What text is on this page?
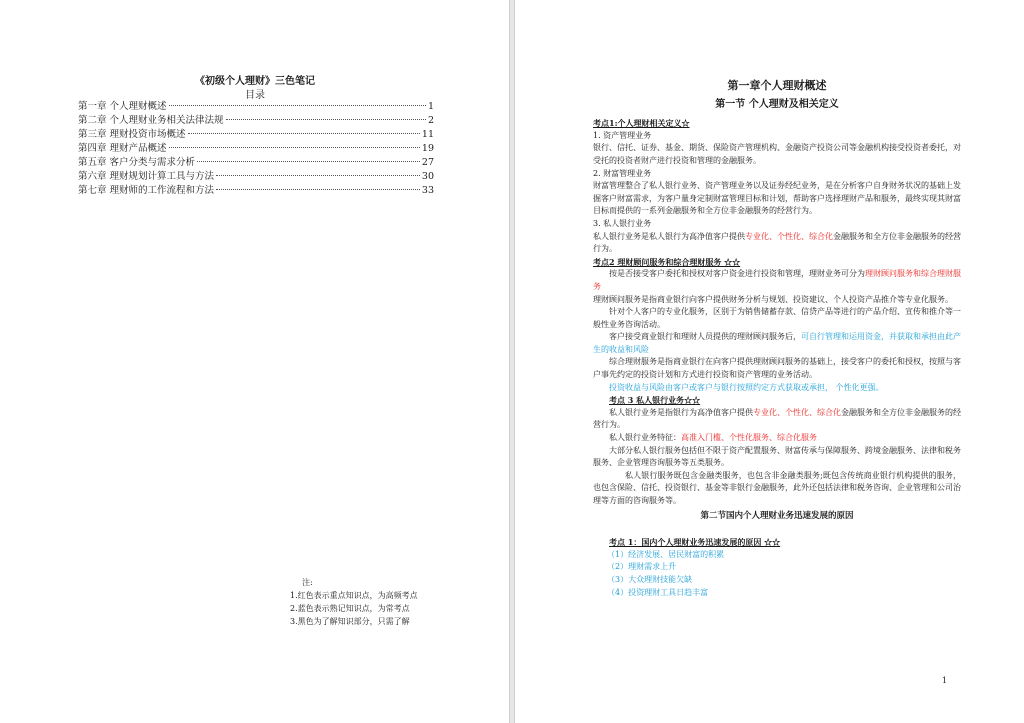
《初级个人理财》三色笔记
目录
第一章 个人理财概述	1
第二章 个人理财业务相关法律法规	2
第三章 理财投资市场概述	11
第四章 理财产品概述	19
第五章 客户分类与需求分析	27
第六章 理财规划计算工具与方法	30
第七章 理财师的工作流程和方法	33
注:
1.红色表示重点知识点，为高频考点
2.蓝色表示熟记知识点，为常考点
3.黑色为了解知识部分，只需了解
第一章个人理财概述
第一节 个人理财及相关定义

考点1:个人理财相关定义☆

1. 资产管理业务

银行、信托、证券、基金、期货、保险资产管理机构、金融资产投资公司等金融机构接受投资者委托，对受托的投资者财产进行投资和管理的金融服务。

2. 财富管理业务

财富管理整合了私人银行业务、资产管理业务以及证券经纪业务，是在分析客户自身财务状况的基础上发掘客户财富需求，为客户量身定制财富管理目标和计划，帮助客户选择理财产品和服务，最终实现其财富目标而提供的一系列金融服务和全方位非金融服务的经营行为。

3. 私人银行业务

私人银行业务是私人银行为高净值客户提供专业化、个性化、综合化金融服务和全方位非金融服务的经营行为。

考点2 理财顾问服务和综合理财服务 ☆☆

按是否接受客户委托和授权对客户资金进行投资和管理，理财业务可分为理财顾问服务和综合理财服务

理财顾问服务是指商业银行向客户提供财务分析与规划、投资建议、个人投资产品推介等专业化服务。

针对个人客户的专业化服务，区别于为销售储蓄存款、信贷产品等进行的产品介绍、宣传和推介等一般性业务咨询活动。

客户接受商业银行和理财人员提供的理财顾问服务后，可自行管理和运用资金，并获取和承担由此产生的收益和风险

综合理财服务是指商业银行在向客户提供理财顾问服务的基础上，接受客户的委托和授权，按照与客户事先约定的投资计划和方式进行投资和资产管理的业务活动。

投资收益与风险由客户或客户与银行按照约定方式获取或承担， 个性化更强。

考点 3 私人银行业务☆☆

私人银行业务是指银行为高净值客户提供专业化、个性化、综合化金融服务和全方位非金融服务的经营行为。

私人银行业务特征：高准入门槛、个性化服务、综合化服务

大部分私人银行服务包括但不限于资产配置服务、财富传承与保障服务、跨境金融服务、法律和税务服务、企业管理咨询服务等五类服务。

私人银行服务既包含金融类服务，也包含非金融类服务;既包含传统商业银行机构提供的服务，也包含保险、信托、投资银行、基金等非银行金融服务，此外还包括法律和税务咨询、企业管理和公司治理等方面的咨询服务等。

第二节国内个人理财业务迅速发展的原因

考点 1：国内个人理财业务迅速发展的原因 ☆☆

（1）经济发展、居民财富的积累

（2）理财需求上升

（3）大众理财技能欠缺

（4）投资理财工具日趋丰富

1
